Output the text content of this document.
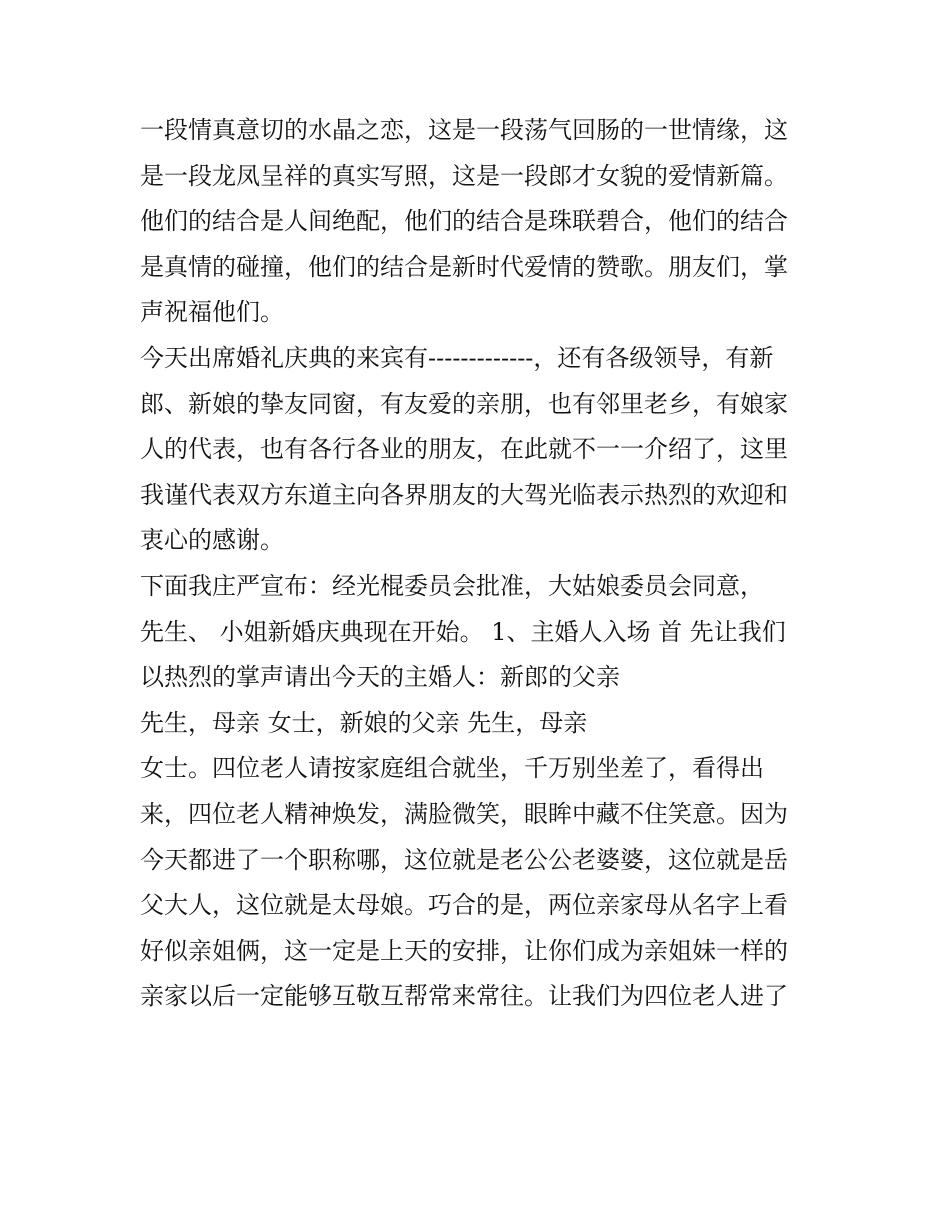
一段情真意切的水晶之恋，这是一段荡气回肠的一世情缘，这
是一段龙凤呈祥的真实写照，这是一段郎才女貌的爱情新篇。
他们的结合是人间绝配，他们的结合是珠联碧合，他们的结合
是真情的碰撞，他们的结合是新时代爱情的赞歌。朋友们，掌
声祝福他们。
今天出席婚礼庆典的来宾有-------------，还有各级领导，有新
郎、新娘的挚友同窗，有友爱的亲朋，也有邻里老乡，有娘家
人的代表，也有各行各业的朋友，在此就不一一介绍了，这里
我谨代表双方东道主向各界朋友的大驾光临表示热烈的欢迎和
衷心的感谢。
下面我庄严宣布：经光棍委员会批准，大姑娘委员会同意，
先生、 小姐新婚庆典现在开始。 1、主婚人入场 首 先让我们
以热烈的掌声请出今天的主婚人：新郎的父亲
先生，母亲 女士，新娘的父亲 先生，母亲
女士。四位老人请按家庭组合就坐，千万别坐差了，看得出
来，四位老人精神焕发，满脸微笑，眼眸中藏不住笑意。因为
今天都进了一个职称哪，这位就是老公公老婆婆，这位就是岳
父大人，这位就是太母娘。巧合的是，两位亲家母从名字上看
好似亲姐俩，这一定是上天的安排，让你们成为亲姐妹一样的
亲家以后一定能够互敬互帮常来常往。让我们为四位老人进了
